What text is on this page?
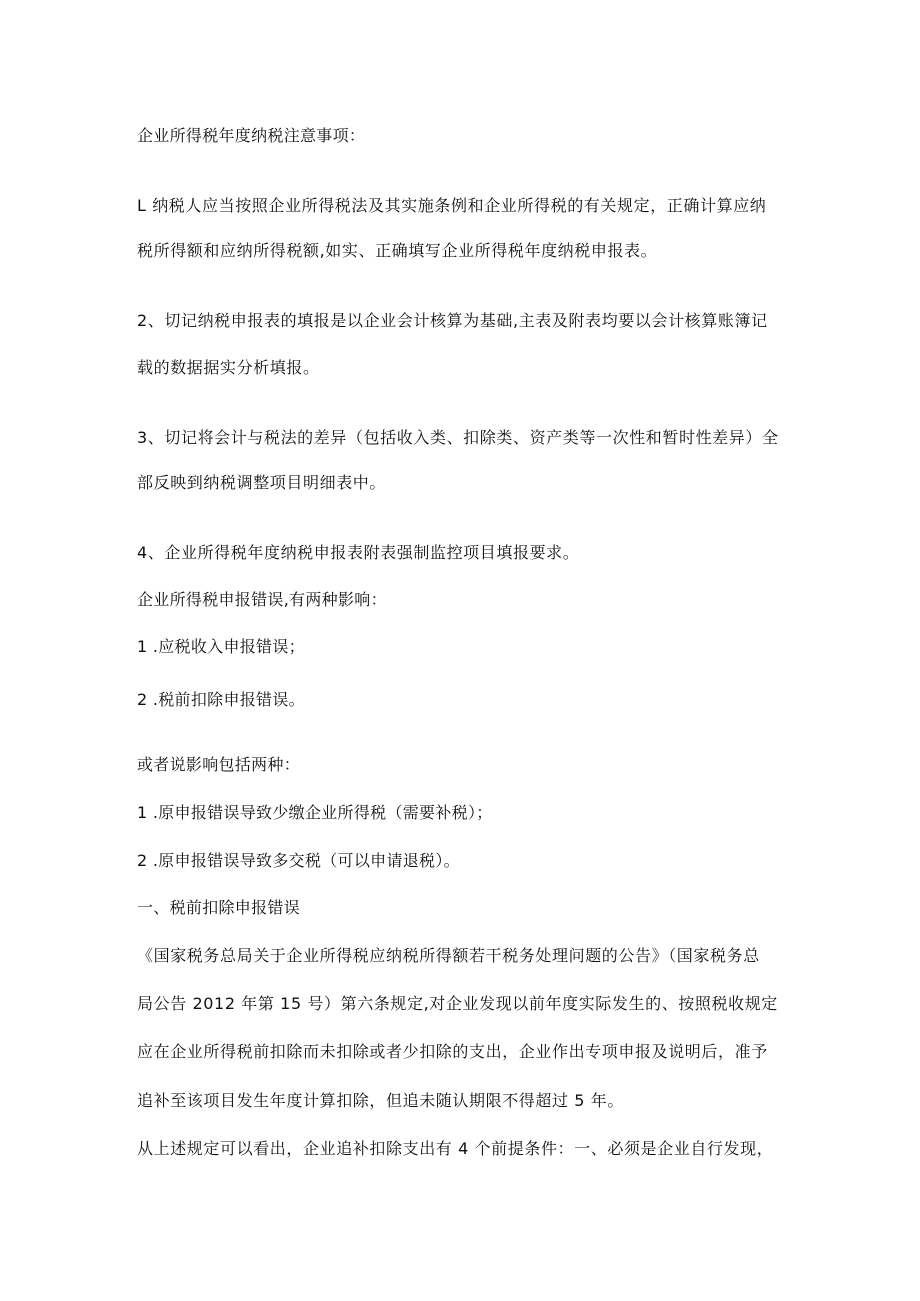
企业所得税年度纳税注意事项：
L 纳税人应当按照企业所得税法及其实施条例和企业所得税的有关规定，正确计算应纳
税所得额和应纳所得税额,如实、正确填写企业所得税年度纳税申报表。
2、切记纳税申报表的填报是以企业会计核算为基础,主表及附表均要以会计核算账簿记
载的数据据实分析填报。
3、切记将会计与税法的差异（包括收入类、扣除类、资产类等一次性和暂时性差异）全
部反映到纳税调整项目明细表中。
4、企业所得税年度纳税申报表附表强制监控项目填报要求。
企业所得税申报错误,有两种影响：
1 .应税收入申报错误；
2 .税前扣除申报错误。
或者说影响包括两种：
1 .原申报错误导致少缴企业所得税（需要补税）；
2 .原申报错误导致多交税（可以申请退税）。
一、税前扣除申报错误
《国家税务总局关于企业所得税应纳税所得额若干税务处理问题的公告》（国家税务总
局公告 2012 年第 15 号）第六条规定,对企业发现以前年度实际发生的、按照税收规定
应在企业所得税前扣除而未扣除或者少扣除的支出，企业作出专项申报及说明后，准予
追补至该项目发生年度计算扣除，但追未随认期限不得超过 5 年。
从上述规定可以看出，企业追补扣除支出有 4 个前提条件：一、必须是企业自行发现，
